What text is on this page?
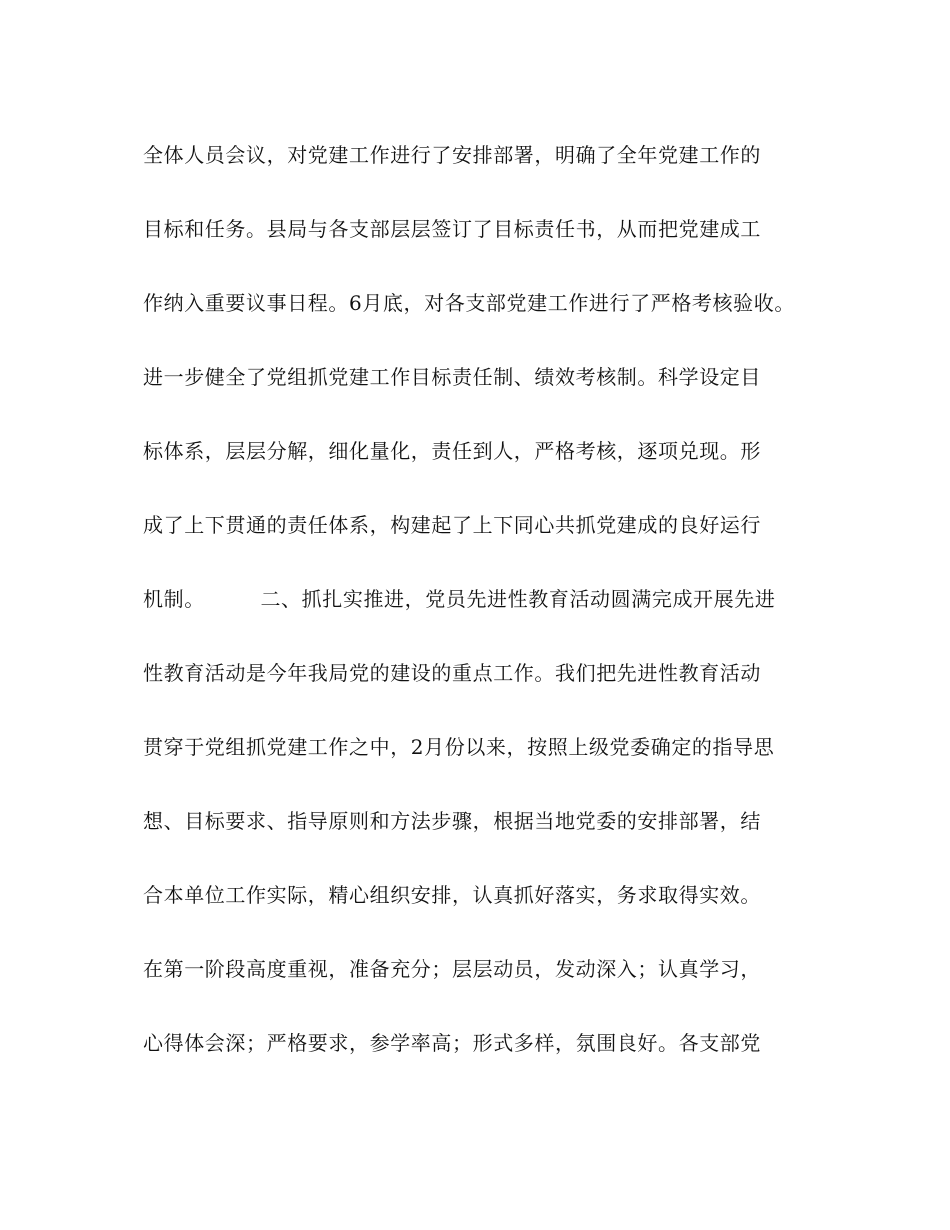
全体人员会议，对党建工作进行了安排部署，明确了全年党建工作的
目标和任务。县局与各支部层层签订了目标责任书，从而把党建成工
作纳入重要议事日程。6月底，对各支部党建工作进行了严格考核验收。
进一步健全了党组抓党建工作目标责任制、绩效考核制。科学设定目
标体系，层层分解，细化量化，责任到人，严格考核，逐项兑现。形
成了上下贯通的责任体系，构建起了上下同心共抓党建成的良好运行
机制。        二、抓扎实推进，党员先进性教育活动圆满完成开展先进
性教育活动是今年我局党的建设的重点工作。我们把先进性教育活动
贯穿于党组抓党建工作之中，2月份以来，按照上级党委确定的指导思
想、目标要求、指导原则和方法步骤，根据当地党委的安排部署，结
合本单位工作实际，精心组织安排，认真抓好落实，务求取得实效。
在第一阶段高度重视，准备充分；层层动员，发动深入；认真学习，
心得体会深；严格要求，参学率高；形式多样，氛围良好。各支部党
